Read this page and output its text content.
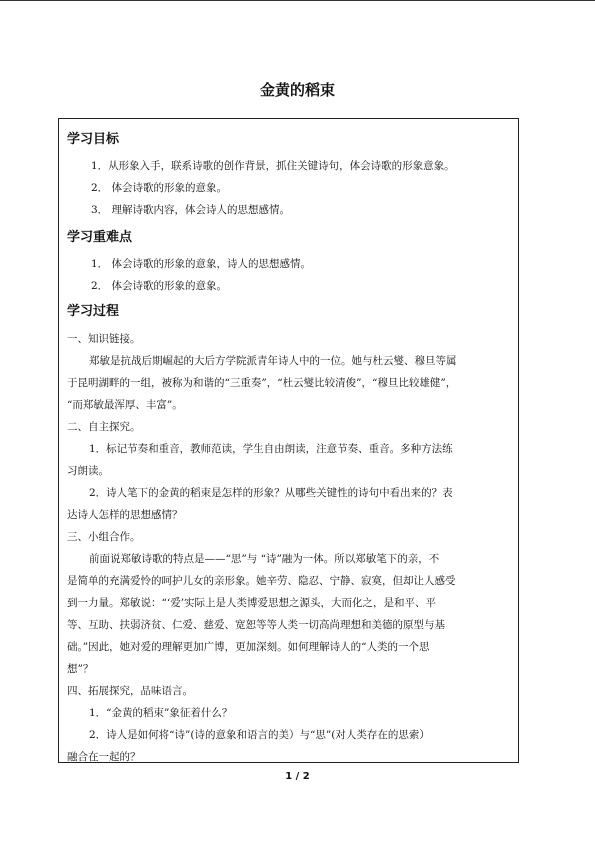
金黄的稻束
学习目标
1．从形象入手，联系诗歌的创作背景，抓住关键诗句，体会诗歌的形象意象。
2． 体会诗歌的形象的意象。
3． 理解诗歌内容，体会诗人的思想感情。
学习重难点
1． 体会诗歌的形象的意象，诗人的思想感情。
2． 体会诗歌的形象的意象。
学习过程
一、知识链接。
郑敏是抗战后期崛起的大后方学院派青年诗人中的一位。她与杜云燮、穆旦等属
于昆明湖畔的一组，被称为和谐的“三重奏”，“杜云燮比较清俊”，“穆旦比较雄健”，
“而郑敏最浑厚、丰富”。
二、自主探究。
1．标记节奏和重音，教师范读，学生自由朗读，注意节奏、重音。多种方法练
习朗读。
2．诗人笔下的金黄的稻束是怎样的形象？从哪些关键性的诗句中看出来的？表
达诗人怎样的思想感情？
三、小组合作。
前面说郑敏诗歌的特点是——“思”与 “诗”融为一体。所以郑敏笔下的亲，不
是简单的充满爱怜的呵护儿女的亲形象。她辛劳、隐忍、宁静、寂寞，但却让人感受
到一力量。郑敏说：“‘爱’实际上是人类博爱思想之源头，大而化之，是和平、平
等、互助、扶弱济贫、仁爱、慈爱、宽恕等等人类一切高尚理想和美德的原型与基
础。”因此，她对爱的理解更加广博，更加深刻。如何理解诗人的“人类的一个思
想”？
四、拓展探究，品味语言。
1．“金黄的稻束”象征着什么？
2．诗人是如何将“诗”(诗的意象和语言的美）与“思”(对人类存在的思索）
融合在一起的？
1 / 2
